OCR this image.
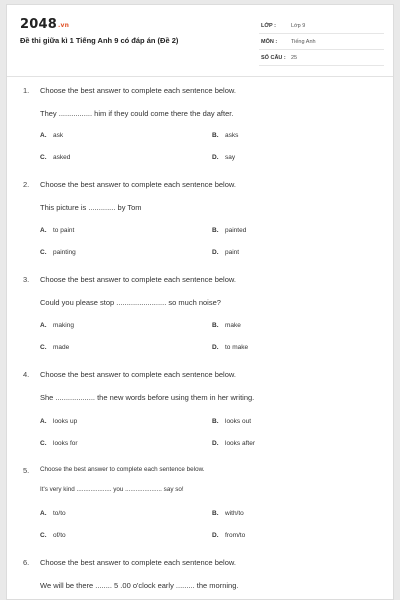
2048.vn
Đề thi giữa kì 1 Tiếng Anh 9 có đáp án (Đề 2)
LỚP :	Lớp 9
MÔN :	Tiếng Anh
SỐ CÂU : 25
1. Choose the best answer to complete each sentence below.
They ................ him if they could come there the day after.
A. ask	B. asks
C. asked	D. say
2. Choose the best answer to complete each sentence below.
This picture is ............. by Tom
A. to paint	B. painted
C. painting	D. paint
3. Choose the best answer to complete each sentence below.
Could you please stop ........................ so much noise?
A. making	B. make
C. made	D. to make
4. Choose the best answer to complete each sentence below.
She ................... the new words before using them in her writing.
A. looks up	B. looks out
C. looks for	D. looks after
5. Choose the best answer to complete each sentence below.
It's very kind .................... you ..................... say so!
A. to/to	B. with/to
C. of/to	D. from/to
6. Choose the best answer to complete each sentence below.
We will be there ........ 5 .00 o'clock early ......... the morning.
